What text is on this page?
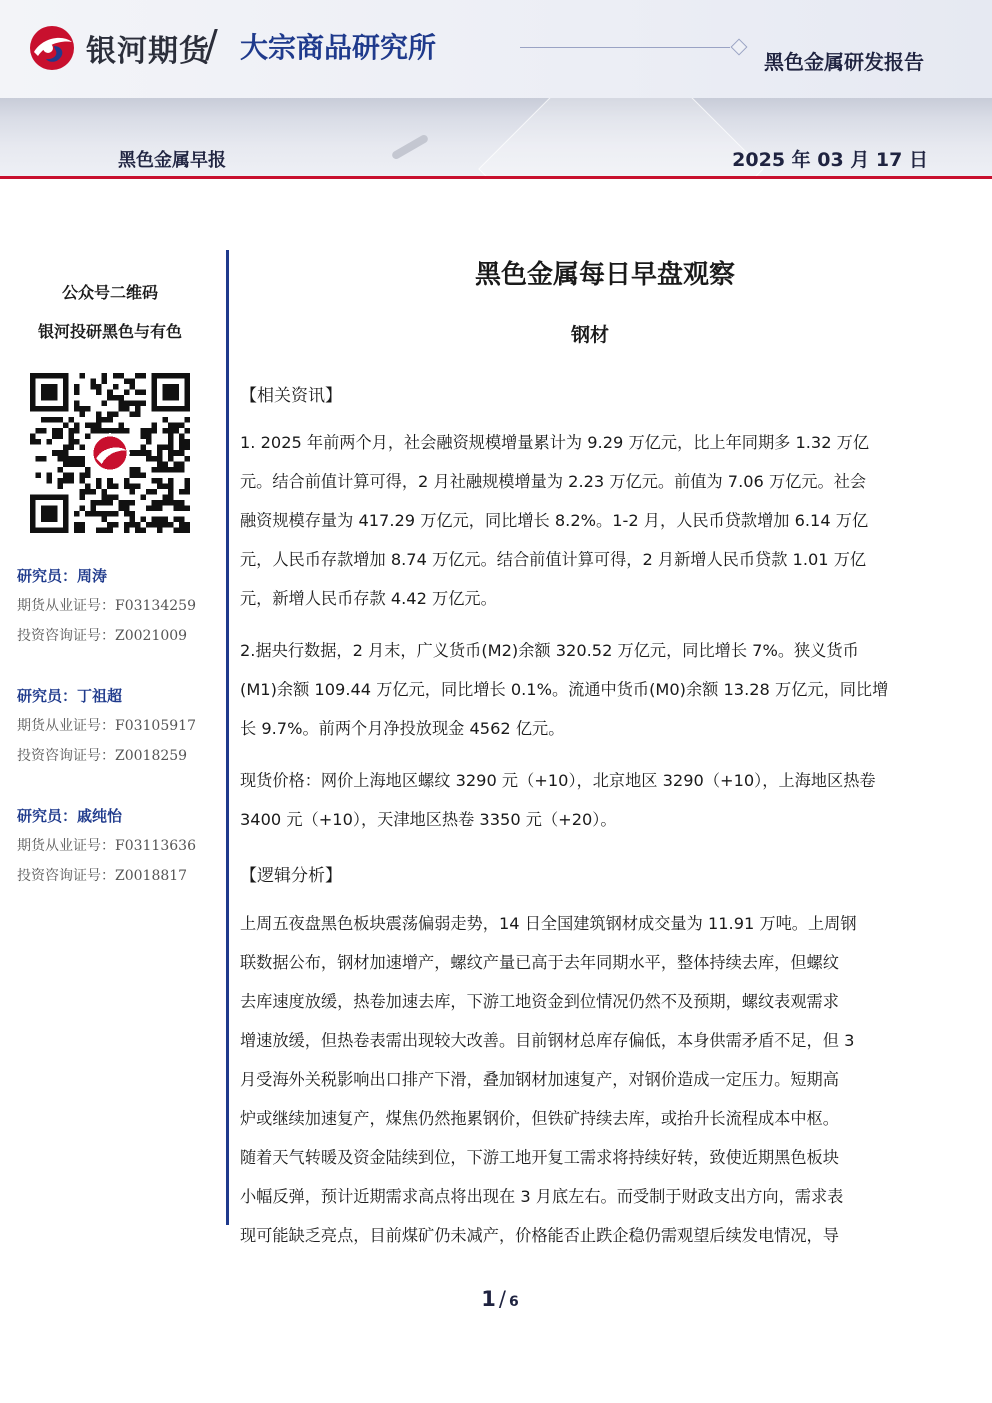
银河期货
/ 大宗商品研究所	黑色金属研发报告
黑色金属早报	2025 年 03 月 17 日
公众号二维码
银河投研黑色与有色
研究员：周涛
期货从业证号：F03134259
投资咨询证号：Z0021009
研究员：丁祖超
期货从业证号：F03105917
投资咨询证号：Z0018259
研究员：戚纯怡
期货从业证号：F03113636
投资咨询证号：Z0018817
黑色金属每日早盘观察
钢材
【相关资讯】
1. 2025 年前两个月，社会融资规模增量累计为 9.29 万亿元，比上年同期多 1.32 万亿
元。结合前值计算可得，2 月社融规模增量为 2.23 万亿元。前值为 7.06 万亿元。社会
融资规模存量为 417.29 万亿元，同比增长 8.2%。1-2 月，人民币贷款增加 6.14 万亿
元，人民币存款增加 8.74 万亿元。结合前值计算可得，2 月新增人民币贷款 1.01 万亿
元，新增人民币存款 4.42 万亿元。
2.据央行数据，2 月末，广义货币(M2)余额 320.52 万亿元，同比增长 7%。狭义货币
(M1)余额 109.44 万亿元，同比增长 0.1%。流通中货币(M0)余额 13.28 万亿元，同比增
长 9.7%。前两个月净投放现金 4562 亿元。
现货价格：网价上海地区螺纹 3290 元（+10），北京地区 3290（+10），上海地区热卷
3400 元（+10），天津地区热卷 3350 元（+20）。
【逻辑分析】
上周五夜盘黑色板块震荡偏弱走势，14 日全国建筑钢材成交量为 11.91 万吨。上周钢
联数据公布，钢材加速增产，螺纹产量已高于去年同期水平，整体持续去库，但螺纹
去库速度放缓，热卷加速去库，下游工地资金到位情况仍然不及预期，螺纹表观需求
增速放缓，但热卷表需出现较大改善。目前钢材总库存偏低，本身供需矛盾不足，但 3
月受海外关税影响出口排产下滑，叠加钢材加速复产，对钢价造成一定压力。短期高
炉或继续加速复产，煤焦仍然拖累钢价，但铁矿持续去库，或抬升长流程成本中枢。
随着天气转暖及资金陆续到位，下游工地开复工需求将持续好转，致使近期黑色板块
小幅反弹，预计近期需求高点将出现在 3 月底左右。而受制于财政支出方向，需求表
现可能缺乏亮点，目前煤矿仍未减产，价格能否止跌企稳仍需观望后续发电情况，导
1 / 6
